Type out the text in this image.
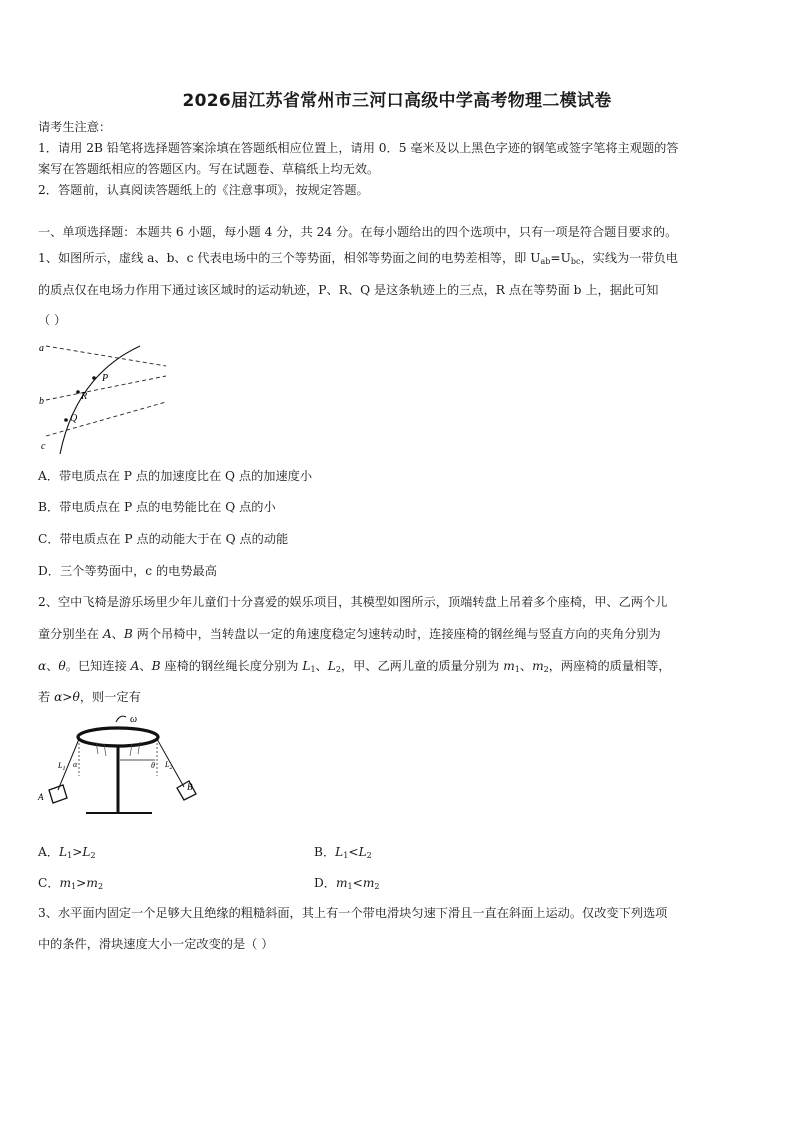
2026届江苏省常州市三河口高级中学高考物理二模试卷
请考生注意：
1．请用 2B 铅笔将选择题答案涂填在答题纸相应位置上，请用 0．5 毫米及以上黑色字迹的钢笔或签字笔将主观题的答
案写在答题纸相应的答题区内。写在试题卷、草稿纸上均无效。
2．答题前，认真阅读答题纸上的《注意事项》，按规定答题。
一、单项选择题：本题共 6 小题，每小题 4 分，共 24 分。在每小题给出的四个选项中，只有一项是符合题目要求的。
1、如图所示，虚线 a、b、c 代表电场中的三个等势面，相邻等势面之间的电势差相等，即 $U_{ab}=U_{bc}$，实线为一带负电
的质点仅在电场力作用下通过该区域时的运动轨迹，P、R、Q 是这条轨迹上的三点，R 点在等势面 b 上，据此可知
（ ）
a
b
c
P
R
Q
A．带电质点在 P 点的加速度比在 Q 点的加速度小
B．带电质点在 P 点的电势能比在 Q 点的小
C．带电质点在 P 点的动能大于在 Q 点的动能
D．三个等势面中，c 的电势最高
2、空中飞椅是游乐场里少年儿童们十分喜爱的娱乐项目，其模型如图所示，顶端转盘上吊着多个座椅，甲、乙两个儿
童分别坐在 A、B 两个吊椅中，当转盘以一定的角速度稳定匀速转动时，连接座椅的钢丝绳与竖直方向的夹角分别为
α、θ。巳知连接 A、B 座椅的钢丝绳长度分别为 $L_1$、$L_2$，甲、乙两儿童的质量分别为 $m_1$、$m_2$，两座椅的质量相等，
若 α>θ，则一定有
ω
$L_1$ α	θ $L_2$
A
B
A．$L_1>L_2$	B．$L_1<L_2$
C．$m_1>m_2$	D．$m_1<m_2$
3、水平面内固定一个足够大且绝缘的粗糙斜面，其上有一个带电滑块匀速下滑且一直在斜面上运动。仅改变下列选项
中的条件，滑块速度大小一定改变的是（ ）
